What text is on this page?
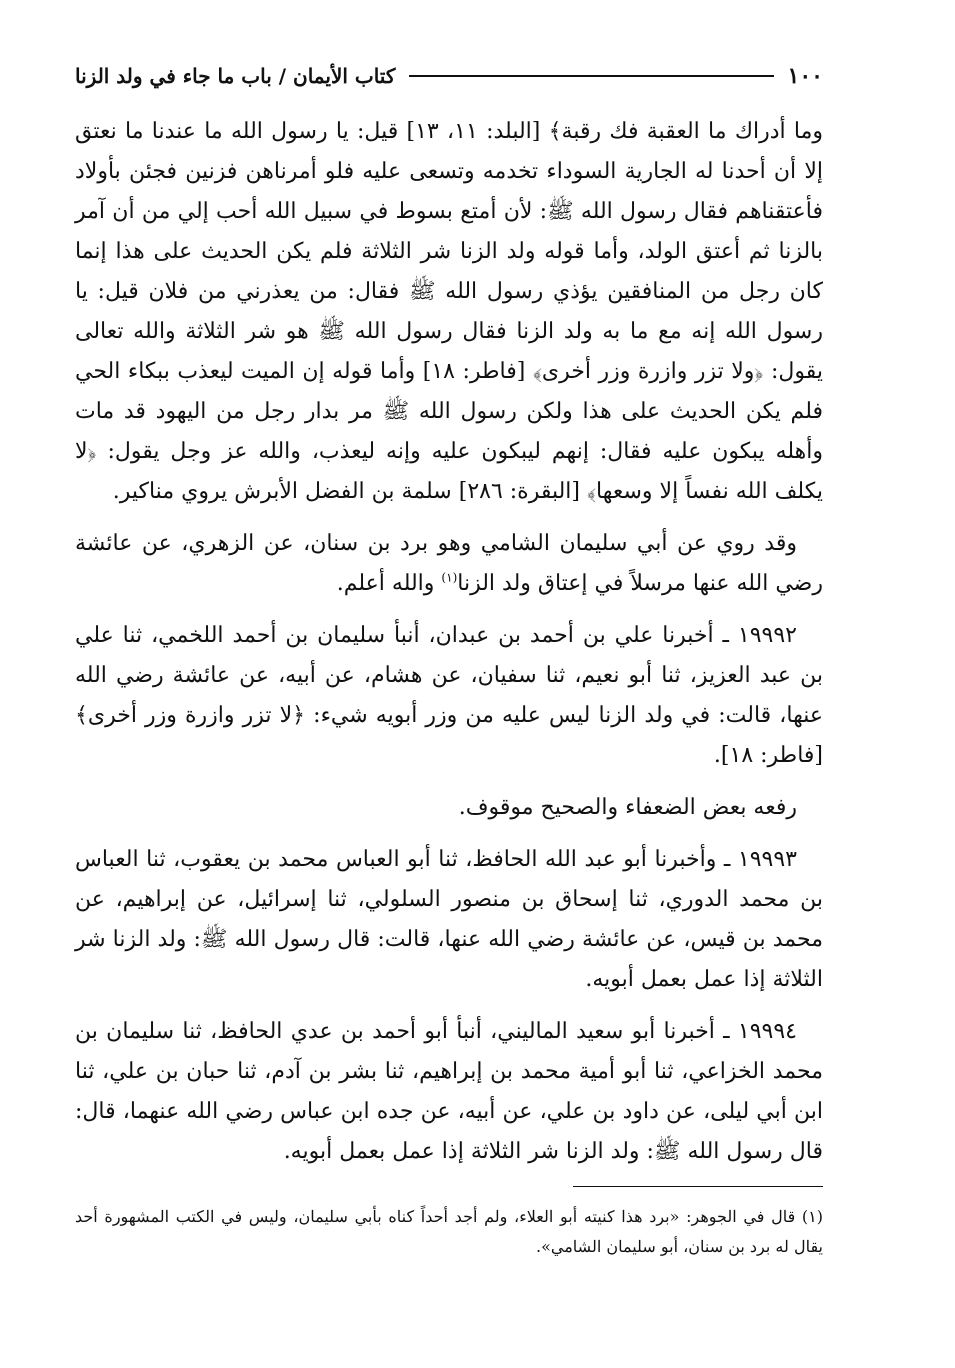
١٠٠
كتاب الأيمان / باب ما جاء في ولد الزنا

وما أدراك ما العقبة فك رقبة﴾ [البلد: ١١، ١٣] قيل: يا رسول الله ما عندنا ما نعتق إلا أن أحدنا له الجارية السوداء تخدمه وتسعى عليه فلو أمرناهن فزنين فجئن بأولاد فأعتقناهم فقال رسول الله ﷺ: لأن أمتع بسوط في سبيل الله أحب إلي من أن آمر بالزنا ثم أعتق الولد، وأما قوله ولد الزنا شر الثلاثة فلم يكن الحديث على هذا إنما كان رجل من المنافقين يؤذي رسول الله ﷺ فقال: من يعذرني من فلان قيل: يا رسول الله إنه مع ما به ولد الزنا فقال رسول الله ﷺ هو شر الثلاثة والله تعالى يقول: ﴿ولا تزر وازرة وزر أخرى﴾ [فاطر: ١٨] وأما قوله إن الميت ليعذب ببكاء الحي فلم يكن الحديث على هذا ولكن رسول الله ﷺ مر بدار رجل من اليهود قد مات وأهله يبكون عليه فقال: إنهم ليبكون عليه وإنه ليعذب، والله عز وجل يقول: ﴿لا يكلف الله نفساً إلا وسعها﴾ [البقرة: ٢٨٦] سلمة بن الفضل الأبرش يروي مناكير.

وقد روي عن أبي سليمان الشامي وهو برد بن سنان، عن الزهري، عن عائشة رضي الله عنها مرسلاً في إعتاق ولد الزنا$^{(١)}$ والله أعلم.

١٩٩٩٢ ـ أخبرنا علي بن أحمد بن عبدان، أنبأ سليمان بن أحمد اللخمي، ثنا علي بن عبد العزيز، ثنا أبو نعيم، ثنا سفيان، عن هشام، عن أبيه، عن عائشة رضي الله عنها، قالت: في ولد الزنا ليس عليه من وزر أبويه شيء: ﴿لا تزر وازرة وزر أخرى﴾ [فاطر: ١٨].

رفعه بعض الضعفاء والصحيح موقوف.

١٩٩٩٣ ـ وأخبرنا أبو عبد الله الحافظ، ثنا أبو العباس محمد بن يعقوب، ثنا العباس بن محمد الدوري، ثنا إسحاق بن منصور السلولي، ثنا إسرائيل، عن إبراهيم، عن محمد بن قيس، عن عائشة رضي الله عنها، قالت: قال رسول الله ﷺ: ولد الزنا شر الثلاثة إذا عمل بعمل أبويه.

١٩٩٩٤ ـ أخبرنا أبو سعيد الماليني، أنبأ أبو أحمد بن عدي الحافظ، ثنا سليمان بن محمد الخزاعي، ثنا أبو أمية محمد بن إبراهيم، ثنا بشر بن آدم، ثنا حبان بن علي، ثنا ابن أبي ليلى، عن داود بن علي، عن أبيه، عن جده ابن عباس رضي الله عنهما، قال: قال رسول الله ﷺ: ولد الزنا شر الثلاثة إذا عمل بعمل أبويه.

(١) قال في الجوهر: «برد هذا كنيته أبو العلاء، ولم أجد أحداً كناه بأبي سليمان، وليس في الكتب المشهورة أحد يقال له برد بن سنان، أبو سليمان الشامي».
